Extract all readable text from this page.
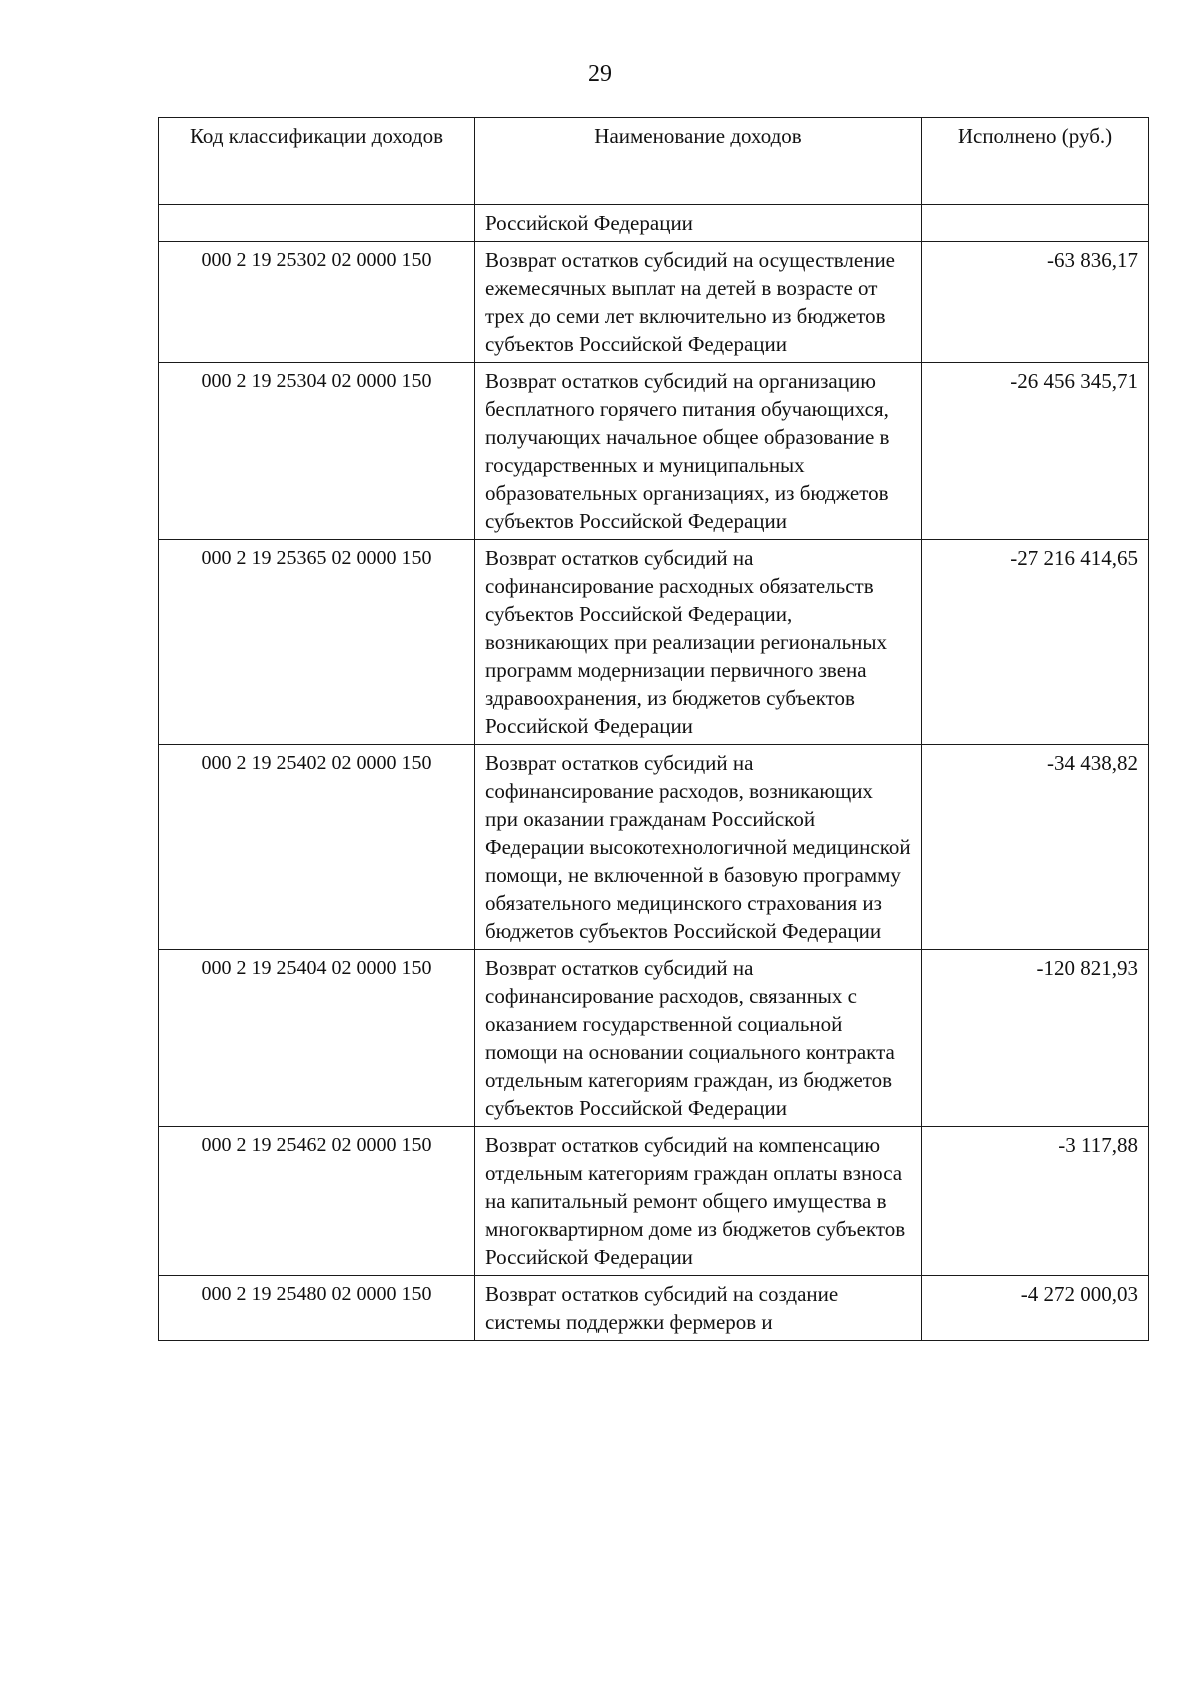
29
Код классификации доходов	Наименование доходов	Исполнено (руб.)
	Российской Федерации	
000 2 19 25302 02 0000 150	Возврат остатков субсидий на осуществление ежемесячных выплат на детей в возрасте от трех до семи лет включительно из бюджетов субъектов Российской Федерации	-63 836,17
000 2 19 25304 02 0000 150	Возврат остатков субсидий на организацию бесплатного горячего питания обучающихся, получающих начальное общее образование в государственных и муниципальных образовательных организациях, из бюджетов субъектов Российской Федерации	-26 456 345,71
000 2 19 25365 02 0000 150	Возврат остатков субсидий на софинансирование расходных обязательств субъектов Российской Федерации, возникающих при реализации региональных программ модернизации первичного звена здравоохранения, из бюджетов субъектов Российской Федерации	-27 216 414,65
000 2 19 25402 02 0000 150	Возврат остатков субсидий на софинансирование расходов, возникающих при оказании гражданам Российской Федерации высокотехнологичной медицинской помощи, не включенной в базовую программу обязательного медицинского страхования из бюджетов субъектов Российской Федерации	-34 438,82
000 2 19 25404 02 0000 150	Возврат остатков субсидий на софинансирование расходов, связанных с оказанием государственной социальной помощи на основании социального контракта отдельным категориям граждан, из бюджетов субъектов Российской Федерации	-120 821,93
000 2 19 25462 02 0000 150	Возврат остатков субсидий на компенсацию отдельным категориям граждан оплаты взноса на капитальный ремонт общего имущества в многоквартирном доме из бюджетов субъектов Российской Федерации	-3 117,88
000 2 19 25480 02 0000 150	Возврат остатков субсидий на создание системы поддержки фермеров и	-4 272 000,03
